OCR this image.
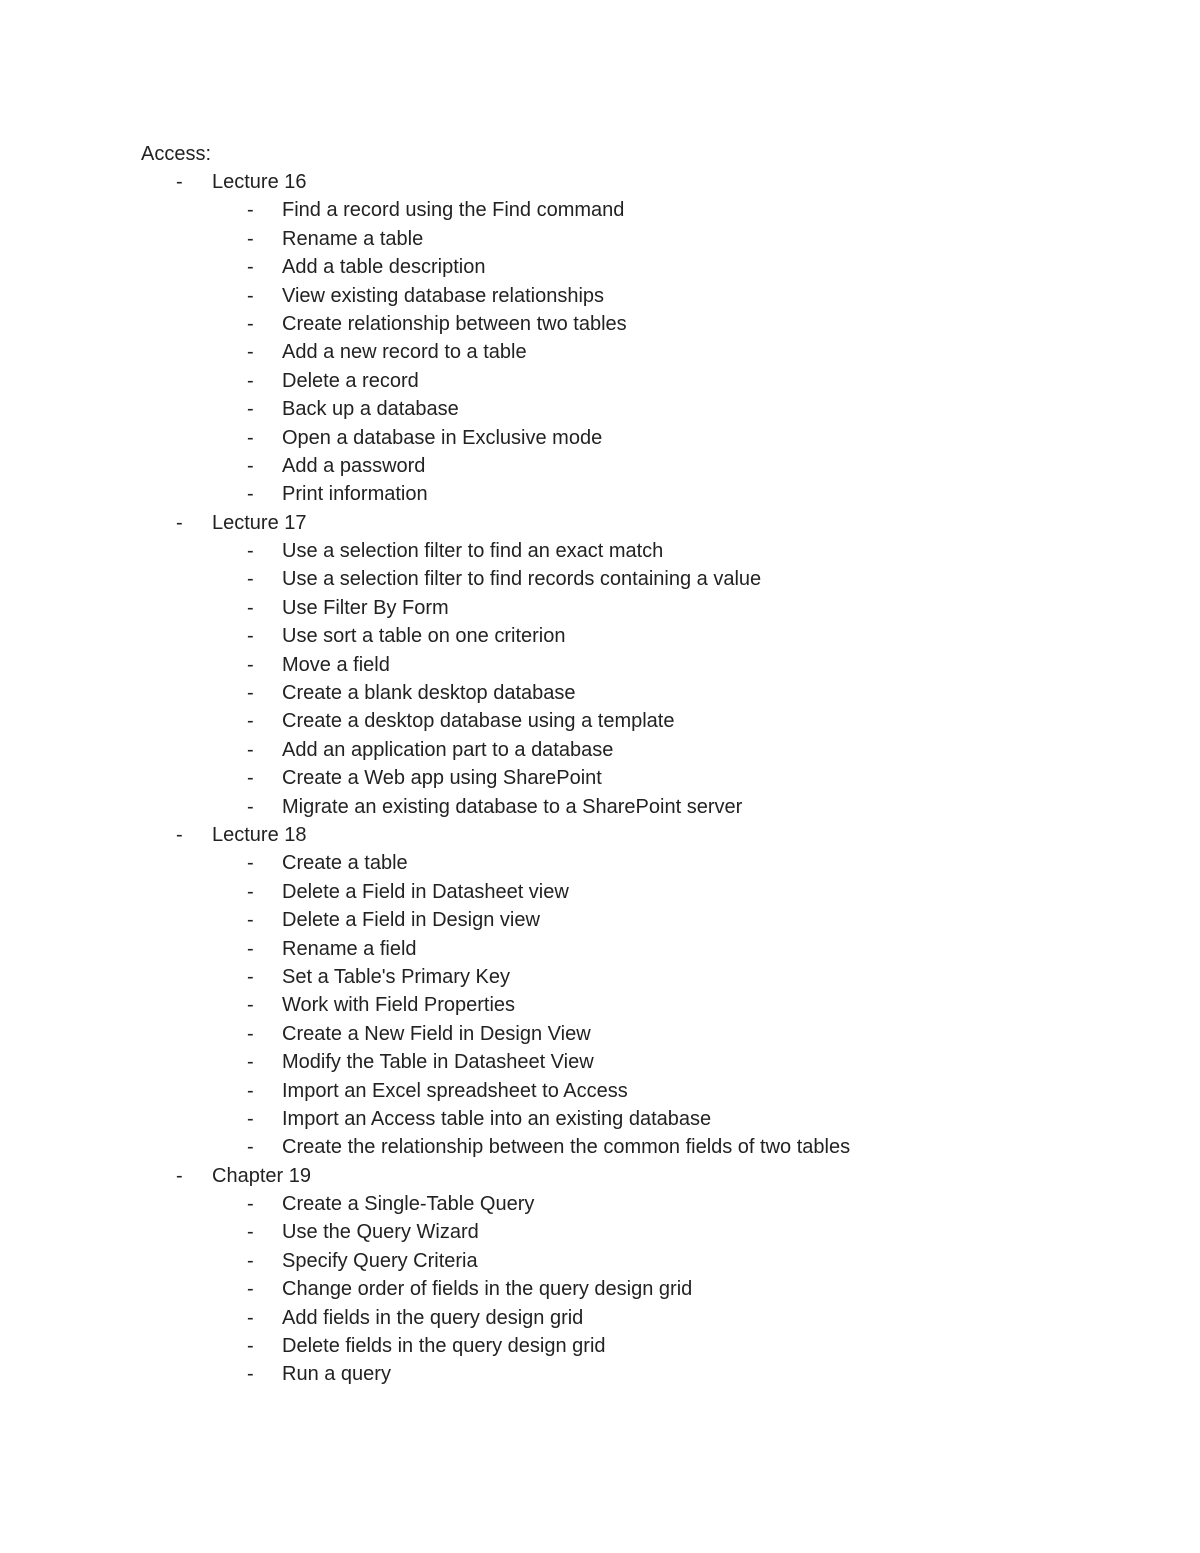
Access:
- Lecture 16
- Find a record using the Find command
- Rename a table
- Add a table description
- View existing database relationships
- Create relationship between two tables
- Add a new record to a table
- Delete a record
- Back up a database
- Open a database in Exclusive mode
- Add a password
- Print information
- Lecture 17
- Use a selection filter to find an exact match
- Use a selection filter to find records containing a value
- Use Filter By Form
- Use sort a table on one criterion
- Move a field
- Create a blank desktop database
- Create a desktop database using a template
- Add an application part to a database
- Create a Web app using SharePoint
- Migrate an existing database to a SharePoint server
- Lecture 18
- Create a table
- Delete a Field in Datasheet view
- Delete a Field in Design view
- Rename a field
- Set a Table's Primary Key
- Work with Field Properties
- Create a New Field in Design View
- Modify the Table in Datasheet View
- Import an Excel spreadsheet to Access
- Import an Access table into an existing database
- Create the relationship between the common fields of two tables
- Chapter 19
- Create a Single-Table Query
- Use the Query Wizard
- Specify Query Criteria
- Change order of fields in the query design grid
- Add fields in the query design grid
- Delete fields in the query design grid
- Run a query
